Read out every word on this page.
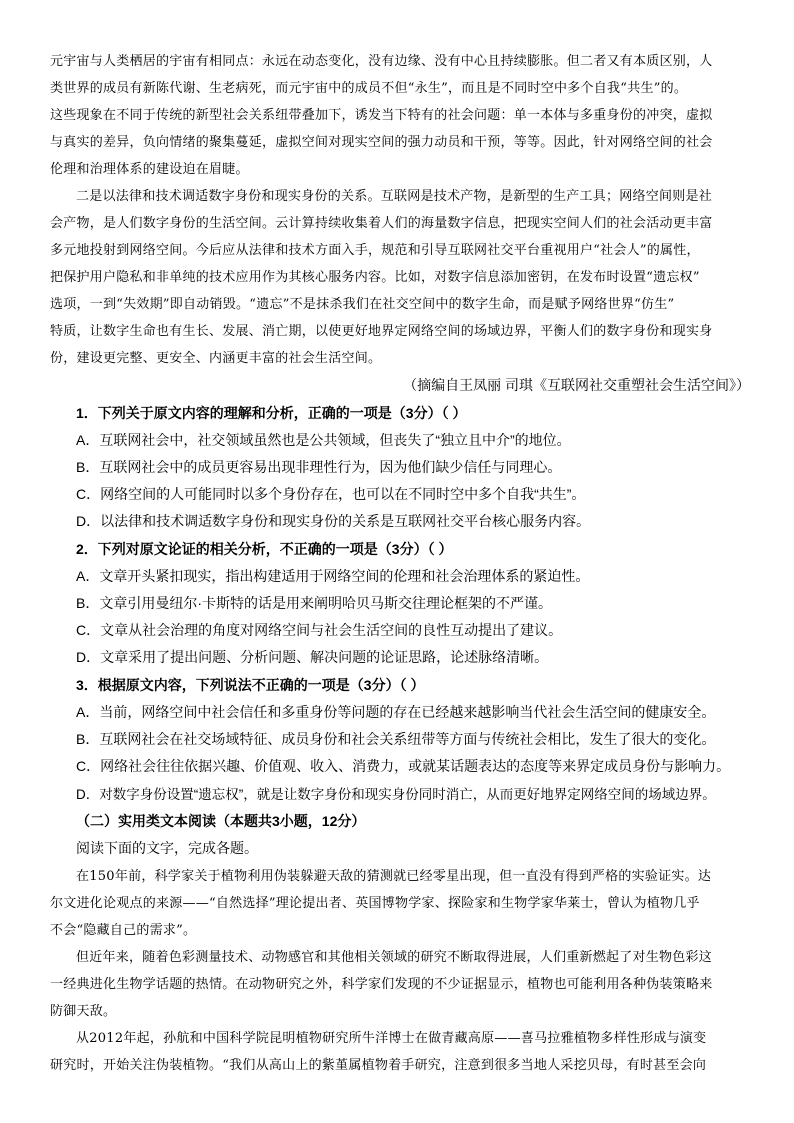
元宇宙与人类栖居的宇宙有相同点：永远在动态变化，没有边缘、没有中心且持续膨胀。但二者又有本质区别，人
类世界的成员有新陈代谢、生老病死，而元宇宙中的成员不但“永生”，而且是不同时空中多个自我“共生”的。
这些现象在不同于传统的新型社会关系纽带叠加下，诱发当下特有的社会问题：单一本体与多重身份的冲突，虚拟
与真实的差异，负向情绪的聚集蔓延，虚拟空间对现实空间的强力动员和干预，等等。因此，针对网络空间的社会
伦理和治理体系的建设迫在眉睫。
二是以法律和技术调适数字身份和现实身份的关系。互联网是技术产物，是新型的生产工具；网络空间则是社
会产物，是人们数字身份的生活空间。云计算持续收集着人们的海量数字信息，把现实空间人们的社会活动更丰富
多元地投射到网络空间。今后应从法律和技术方面入手，规范和引导互联网社交平台重视用户“社会人”的属性，
把保护用户隐私和非单纯的技术应用作为其核心服务内容。比如，对数字信息添加密钥，在发布时设置“遗忘权”
选项，一到“失效期”即自动销毁。“遗忘”不是抹杀我们在社交空间中的数字生命，而是赋予网络世界“仿生”
特质，让数字生命也有生长、发展、消亡期，以使更好地界定网络空间的场域边界，平衡人们的数字身份和现实身
份，建设更完整、更安全、内涵更丰富的社会生活空间。
（摘编自王凤丽 司琪《互联网社交重塑社会生活空间》）
1．下列关于原文内容的理解和分析，正确的一项是（3分）（ ）
A．互联网社会中，社交领域虽然也是公共领域，但丧失了“独立且中介”的地位。
B．互联网社会中的成员更容易出现非理性行为，因为他们缺少信任与同理心。
C．网络空间的人可能同时以多个身份存在，也可以在不同时空中多个自我“共生”。
D．以法律和技术调适数字身份和现实身份的关系是互联网社交平台核心服务内容。
2．下列对原文论证的相关分析，不正确的一项是（3分）（ ）
A．文章开头紧扣现实，指出构建适用于网络空间的伦理和社会治理体系的紧迫性。
B．文章引用曼纽尔·卡斯特的话是用来阐明哈贝马斯交往理论框架的不严谨。
C．文章从社会治理的角度对网络空间与社会生活空间的良性互动提出了建议。
D．文章采用了提出问题、分析问题、解决问题的论证思路，论述脉络清晰。
3．根据原文内容，下列说法不正确的一项是（3分）（ ）
A．当前，网络空间中社会信任和多重身份等问题的存在已经越来越影响当代社会生活空间的健康安全。
B．互联网社会在社交场域特征、成员身份和社会关系纽带等方面与传统社会相比，发生了很大的变化。
C．网络社会往往依据兴趣、价值观、收入、消费力，或就某话题表达的态度等来界定成员身份与影响力。
D．对数字身份设置“遗忘权”，就是让数字身份和现实身份同时消亡，从而更好地界定网络空间的场域边界。
（二）实用类文本阅读（本题共3小题，12分）
阅读下面的文字，完成各题。
在150年前，科学家关于植物利用伪装躲避天敌的猜测就已经零星出现，但一直没有得到严格的实验证实。达
尔文进化论观点的来源——“自然选择”理论提出者、英国博物学家、探险家和生物学家华莱士，曾认为植物几乎
不会“隐藏自己的需求”。
但近年来，随着色彩测量技术、动物感官和其他相关领域的研究不断取得进展，人们重新燃起了对生物色彩这
一经典进化生物学话题的热情。在动物研究之外，科学家们发现的不少证据显示，植物也可能利用各种伪装策略来
防御天敌。
从2012年起，孙航和中国科学院昆明植物研究所牛洋博士在做青藏高原——喜马拉雅植物多样性形成与演变
研究时，开始关注伪装植物。“我们从高山上的紫堇属植物着手研究，注意到很多当地人采挖贝母，有时甚至会向
